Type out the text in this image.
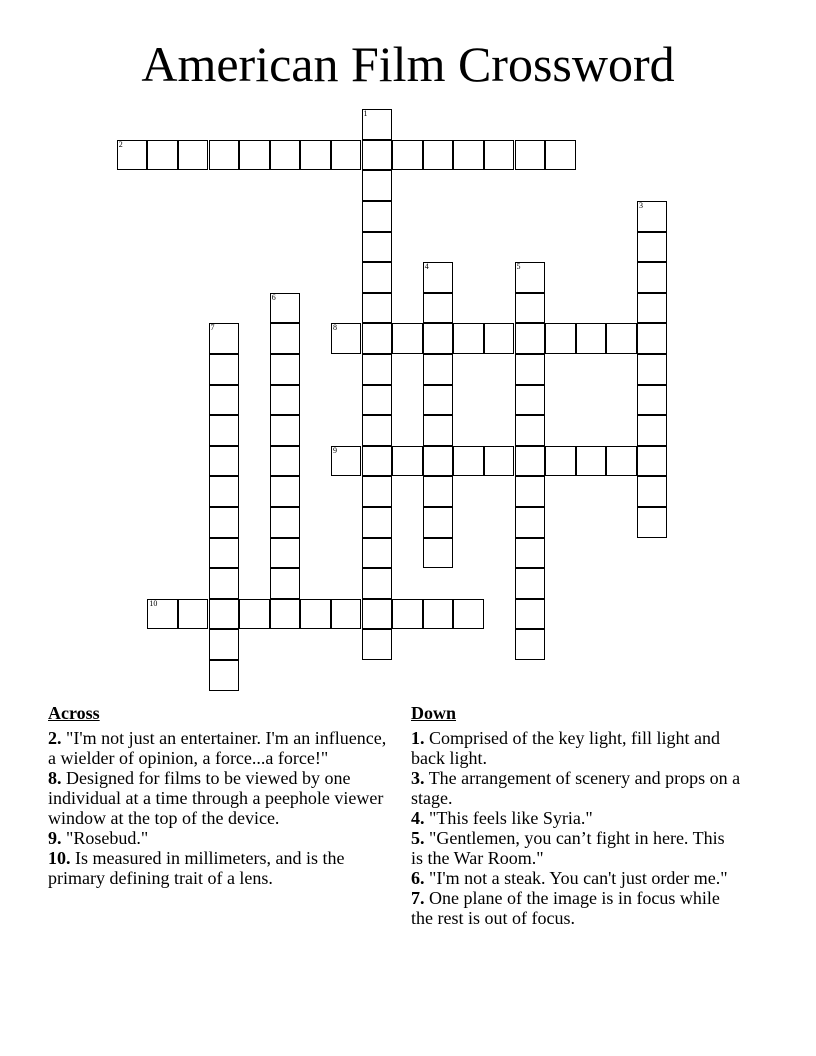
American Film Crossword
1
2
3
4	5
6
7	8
9
10
Across
2. "I'm not just an entertainer. I'm an influence, a wielder of opinion, a force...a force!"
8. Designed for films to be viewed by one individual at a time through a peephole viewer window at the top of the device.
9. "Rosebud."
10. Is measured in millimeters, and is the primary defining trait of a lens.
Down
1. Comprised of the key light, fill light and back light.
3. The arrangement of scenery and props on a stage.
4. "This feels like Syria."
5. "Gentlemen, you can’t fight in here. This is the War Room."
6. "I'm not a steak. You can't just order me."
7. One plane of the image is in focus while the rest is out of focus.
